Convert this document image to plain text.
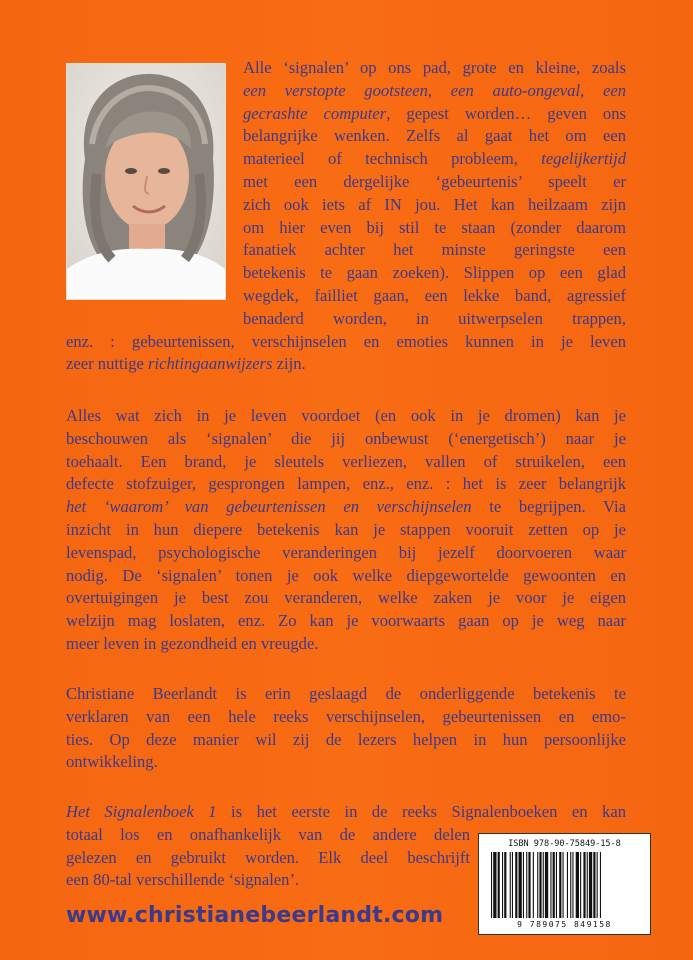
Alle ‘signalen’ op ons pad, grote en kleine, zoals
een verstopte gootsteen, een auto-ongeval, een
gecrashte computer, gepest worden… geven ons
belangrijke wenken. Zelfs al gaat het om een
materieel of technisch probleem, tegelijkertijd
met een dergelijke ‘gebeurtenis’ speelt er
zich ook iets af IN jou. Het kan heilzaam zijn
om hier even bij stil te staan (zonder daarom
fanatiek achter het minste geringste een
betekenis te gaan zoeken). Slippen op een glad
wegdek, failliet gaan, een lekke band, agressief
benaderd worden, in uitwerpselen trappen,
enz. : gebeurtenissen, verschijnselen en emoties kunnen in je leven
zeer nuttige richtingaanwijzers zijn.
Alles wat zich in je leven voordoet (en ook in je dromen) kan je
beschouwen als ‘signalen’ die jij onbewust (‘energetisch’) naar je
toehaalt. Een brand, je sleutels verliezen, vallen of struikelen, een
defecte stofzuiger, gesprongen lampen, enz., enz. : het is zeer belangrijk
het ‘waarom’ van gebeurtenissen en verschijnselen te begrijpen. Via
inzicht in hun diepere betekenis kan je stappen vooruit zetten op je
levenspad, psychologische veranderingen bij jezelf doorvoeren waar
nodig. De ‘signalen’ tonen je ook welke diepgewortelde gewoonten en
overtuigingen je best zou veranderen, welke zaken je voor je eigen
welzijn mag loslaten, enz. Zo kan je voorwaarts gaan op je weg naar
meer leven in gezondheid en vreugde.
Christiane Beerlandt is erin geslaagd de onderliggende betekenis te
verklaren van een hele reeks verschijnselen, gebeurtenissen en emo-
ties. Op deze manier wil zij de lezers helpen in hun persoonlijke
ontwikkeling.
Het Signalenboek 1 is het eerste in de reeks Signalenboeken en kan
totaal los en onafhankelijk van de andere delen
gelezen en gebruikt worden. Elk deel beschrijft
een 80-tal verschillende ‘signalen’.
www.christianebeerlandt.com
ISBN 978-90-75849-15-8
9 789075 849158
